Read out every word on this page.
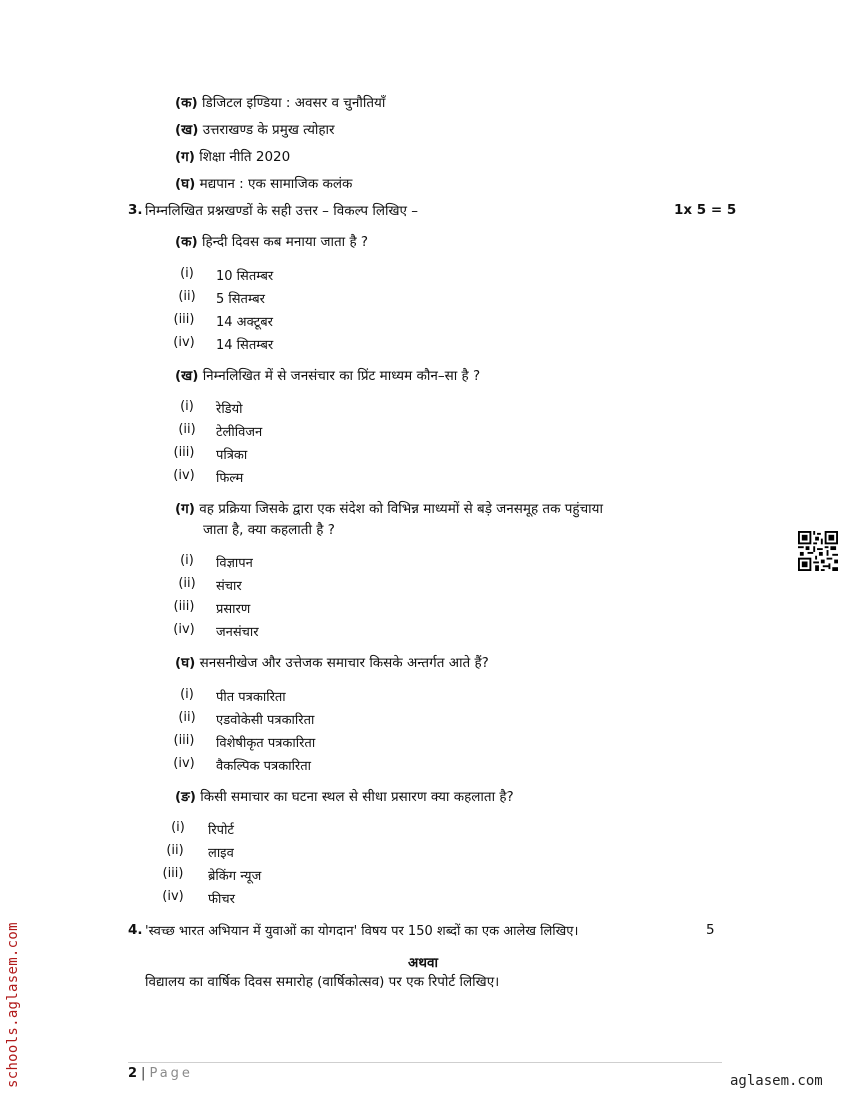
(क) डिजिटल इण्डिया : अवसर व चुनौतियाँ
(ख) उत्तराखण्ड के प्रमुख त्योहार
(ग) शिक्षा नीति 2020
(घ) मद्यपान : एक सामाजिक कलंक
3. निम्नलिखित प्रश्नखण्डों के सही उत्तर – विकल्प लिखिए –	1x 5 = 5
(क) हिन्दी दिवस कब मनाया जाता है ?
(i)	10 सितम्बर
(ii)	5 सितम्बर
(iii)	14 अक्टूबर
(iv)	14 सितम्बर
(ख) निम्नलिखित में से जनसंचार का प्रिंट माध्यम कौन–सा है ?
(i)	रेडियो
(ii)	टेलीविजन
(iii)	पत्रिका
(iv)	फिल्म
(ग) वह प्रक्रिया जिसके द्वारा एक संदेश को विभिन्न माध्यमों से बड़े जनसमूह तक पहुंचाया
जाता है, क्या कहलाती है ?
(i)	विज्ञापन
(ii)	संचार
(iii)	प्रसारण
(iv)	जनसंचार
(घ) सनसनीखेज और उत्तेजक समाचार किसके अन्तर्गत आते हैं?
(i)	पीत पत्रकारिता
(ii)	एडवोकेसी पत्रकारिता
(iii)	विशेषीकृत पत्रकारिता
(iv)	वैकल्पिक पत्रकारिता
(ङ) किसी समाचार का घटना स्थल से सीधा प्रसारण क्या कहलाता है?
(i)	रिपोर्ट
(ii)	लाइव
(iii)	ब्रेकिंग न्यूज
(iv)	फीचर
4. 'स्वच्छ भारत अभियान में युवाओं का योगदान' विषय पर 150 शब्दों का एक आलेख लिखिए।	5
अथवा
विद्यालय का वार्षिक दिवस समारोह (वार्षिकोत्सव) पर एक रिपोर्ट लिखिए।
schools.aglasem.com	2 | Page	aglasem.com
